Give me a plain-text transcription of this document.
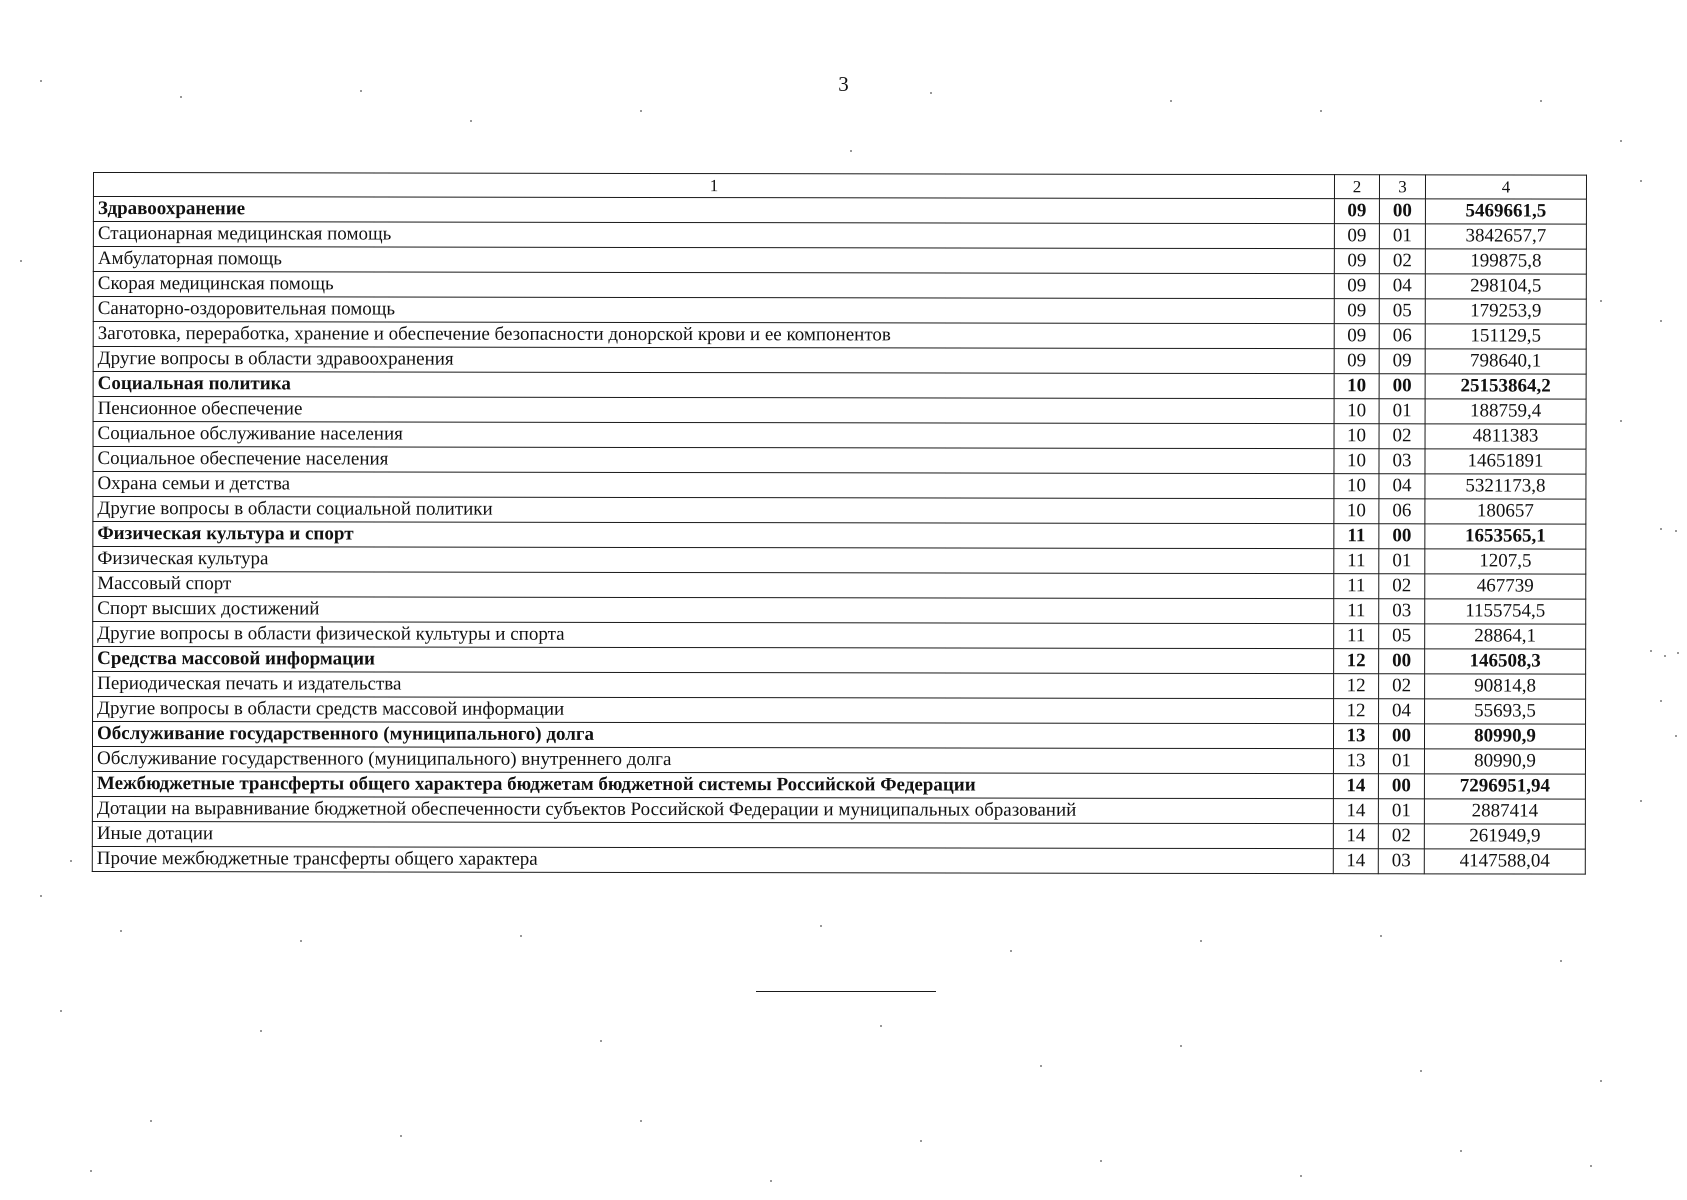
3
1	2	3	4
Здравоохранение	09	00	5469661,5
Стационарная медицинская помощь	09	01	3842657,7
Амбулаторная помощь	09	02	199875,8
Скорая медицинская помощь	09	04	298104,5
Санаторно-оздоровительная помощь	09	05	179253,9
Заготовка, переработка, хранение и обеспечение безопасности донорской крови и ее компонентов	09	06	151129,5
Другие вопросы в области здравоохранения	09	09	798640,1
Социальная политика	10	00	25153864,2
Пенсионное обеспечение	10	01	188759,4
Социальное обслуживание населения	10	02	4811383
Социальное обеспечение населения	10	03	14651891
Охрана семьи и детства	10	04	5321173,8
Другие вопросы в области социальной политики	10	06	180657
Физическая культура и спорт	11	00	1653565,1
Физическая культура	11	01	1207,5
Массовый спорт	11	02	467739
Спорт высших достижений	11	03	1155754,5
Другие вопросы в области физической культуры и спорта	11	05	28864,1
Средства массовой информации	12	00	146508,3
Периодическая печать и издательства	12	02	90814,8
Другие вопросы в области средств массовой информации	12	04	55693,5
Обслуживание государственного (муниципального) долга	13	00	80990,9
Обслуживание государственного (муниципального) внутреннего долга	13	01	80990,9
Межбюджетные трансферты общего характера бюджетам бюджетной системы Российской Федерации	14	00	7296951,94
Дотации на выравнивание бюджетной обеспеченности субъектов Российской Федерации и муниципальных образований	14	01	2887414
Иные дотации	14	02	261949,9
Прочие межбюджетные трансферты общего характера	14	03	4147588,04
